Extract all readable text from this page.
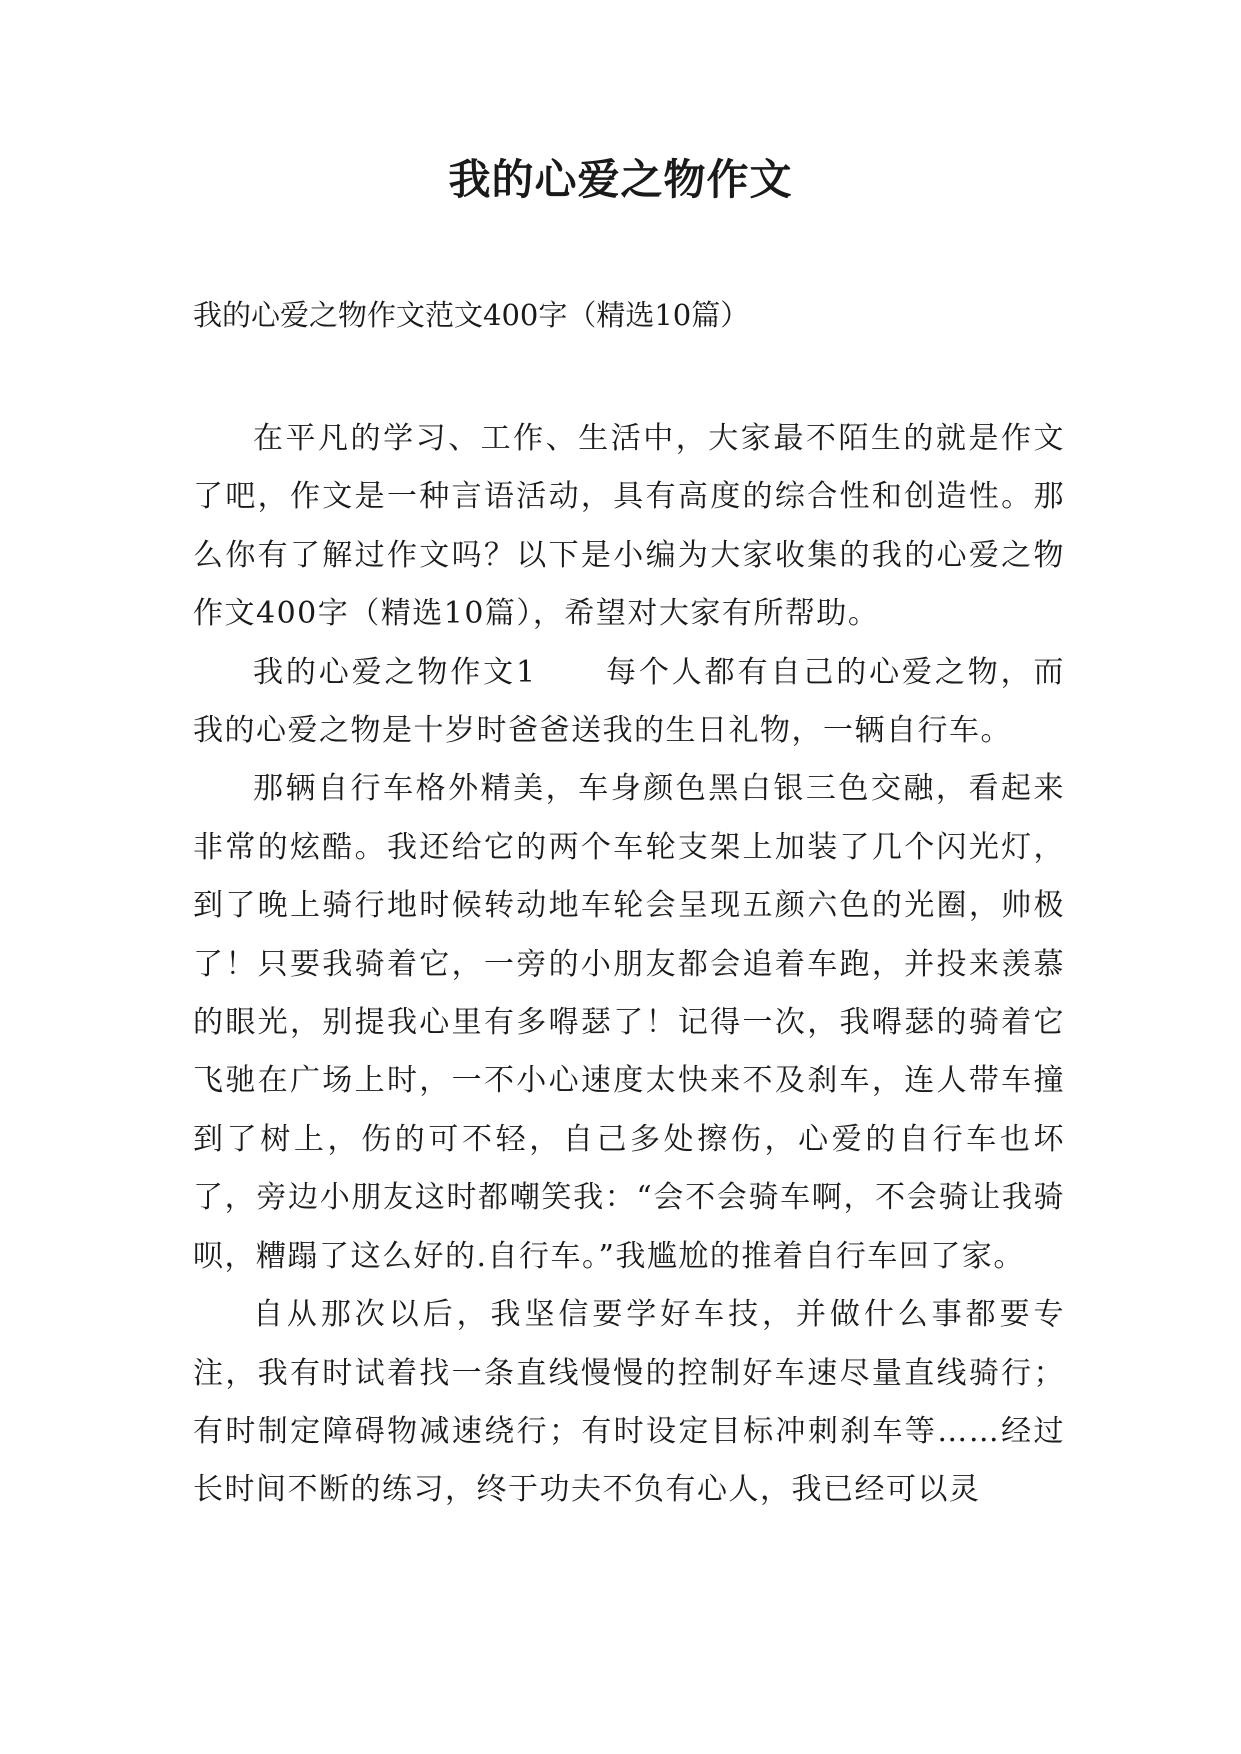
我的心爱之物作文

我的心爱之物作文范文400字（精选10篇）

在平凡的学习、工作、生活中，大家最不陌生的就是作文了吧，作文是一种言语活动，具有高度的综合性和创造性。那么你有了解过作文吗？以下是小编为大家收集的我的心爱之物作文400字（精选10篇），希望对大家有所帮助。

我的心爱之物作文1 每个人都有自己的心爱之物，而我的心爱之物是十岁时爸爸送我的生日礼物，一辆自行车。

那辆自行车格外精美，车身颜色黑白银三色交融，看起来非常的炫酷。我还给它的两个车轮支架上加装了几个闪光灯，到了晚上骑行地时候转动地车轮会呈现五颜六色的光圈，帅极了！只要我骑着它，一旁的小朋友都会追着车跑，并投来羡慕的眼光，别提我心里有多嘚瑟了！记得一次，我嘚瑟的骑着它飞驰在广场上时，一不小心速度太快来不及刹车，连人带车撞到了树上，伤的可不轻，自己多处擦伤，心爱的自行车也坏了，旁边小朋友这时都嘲笑我：“会不会骑车啊，不会骑让我骑呗，糟蹋了这么好的.自行车。”我尴尬的推着自行车回了家。

自从那次以后，我坚信要学好车技，并做什么事都要专注，我有时试着找一条直线慢慢的控制好车速尽量直线骑行；有时制定障碍物减速绕行；有时设定目标冲刺刹车等……经过长时间不断的练习，终于功夫不负有心人，我已经可以灵
